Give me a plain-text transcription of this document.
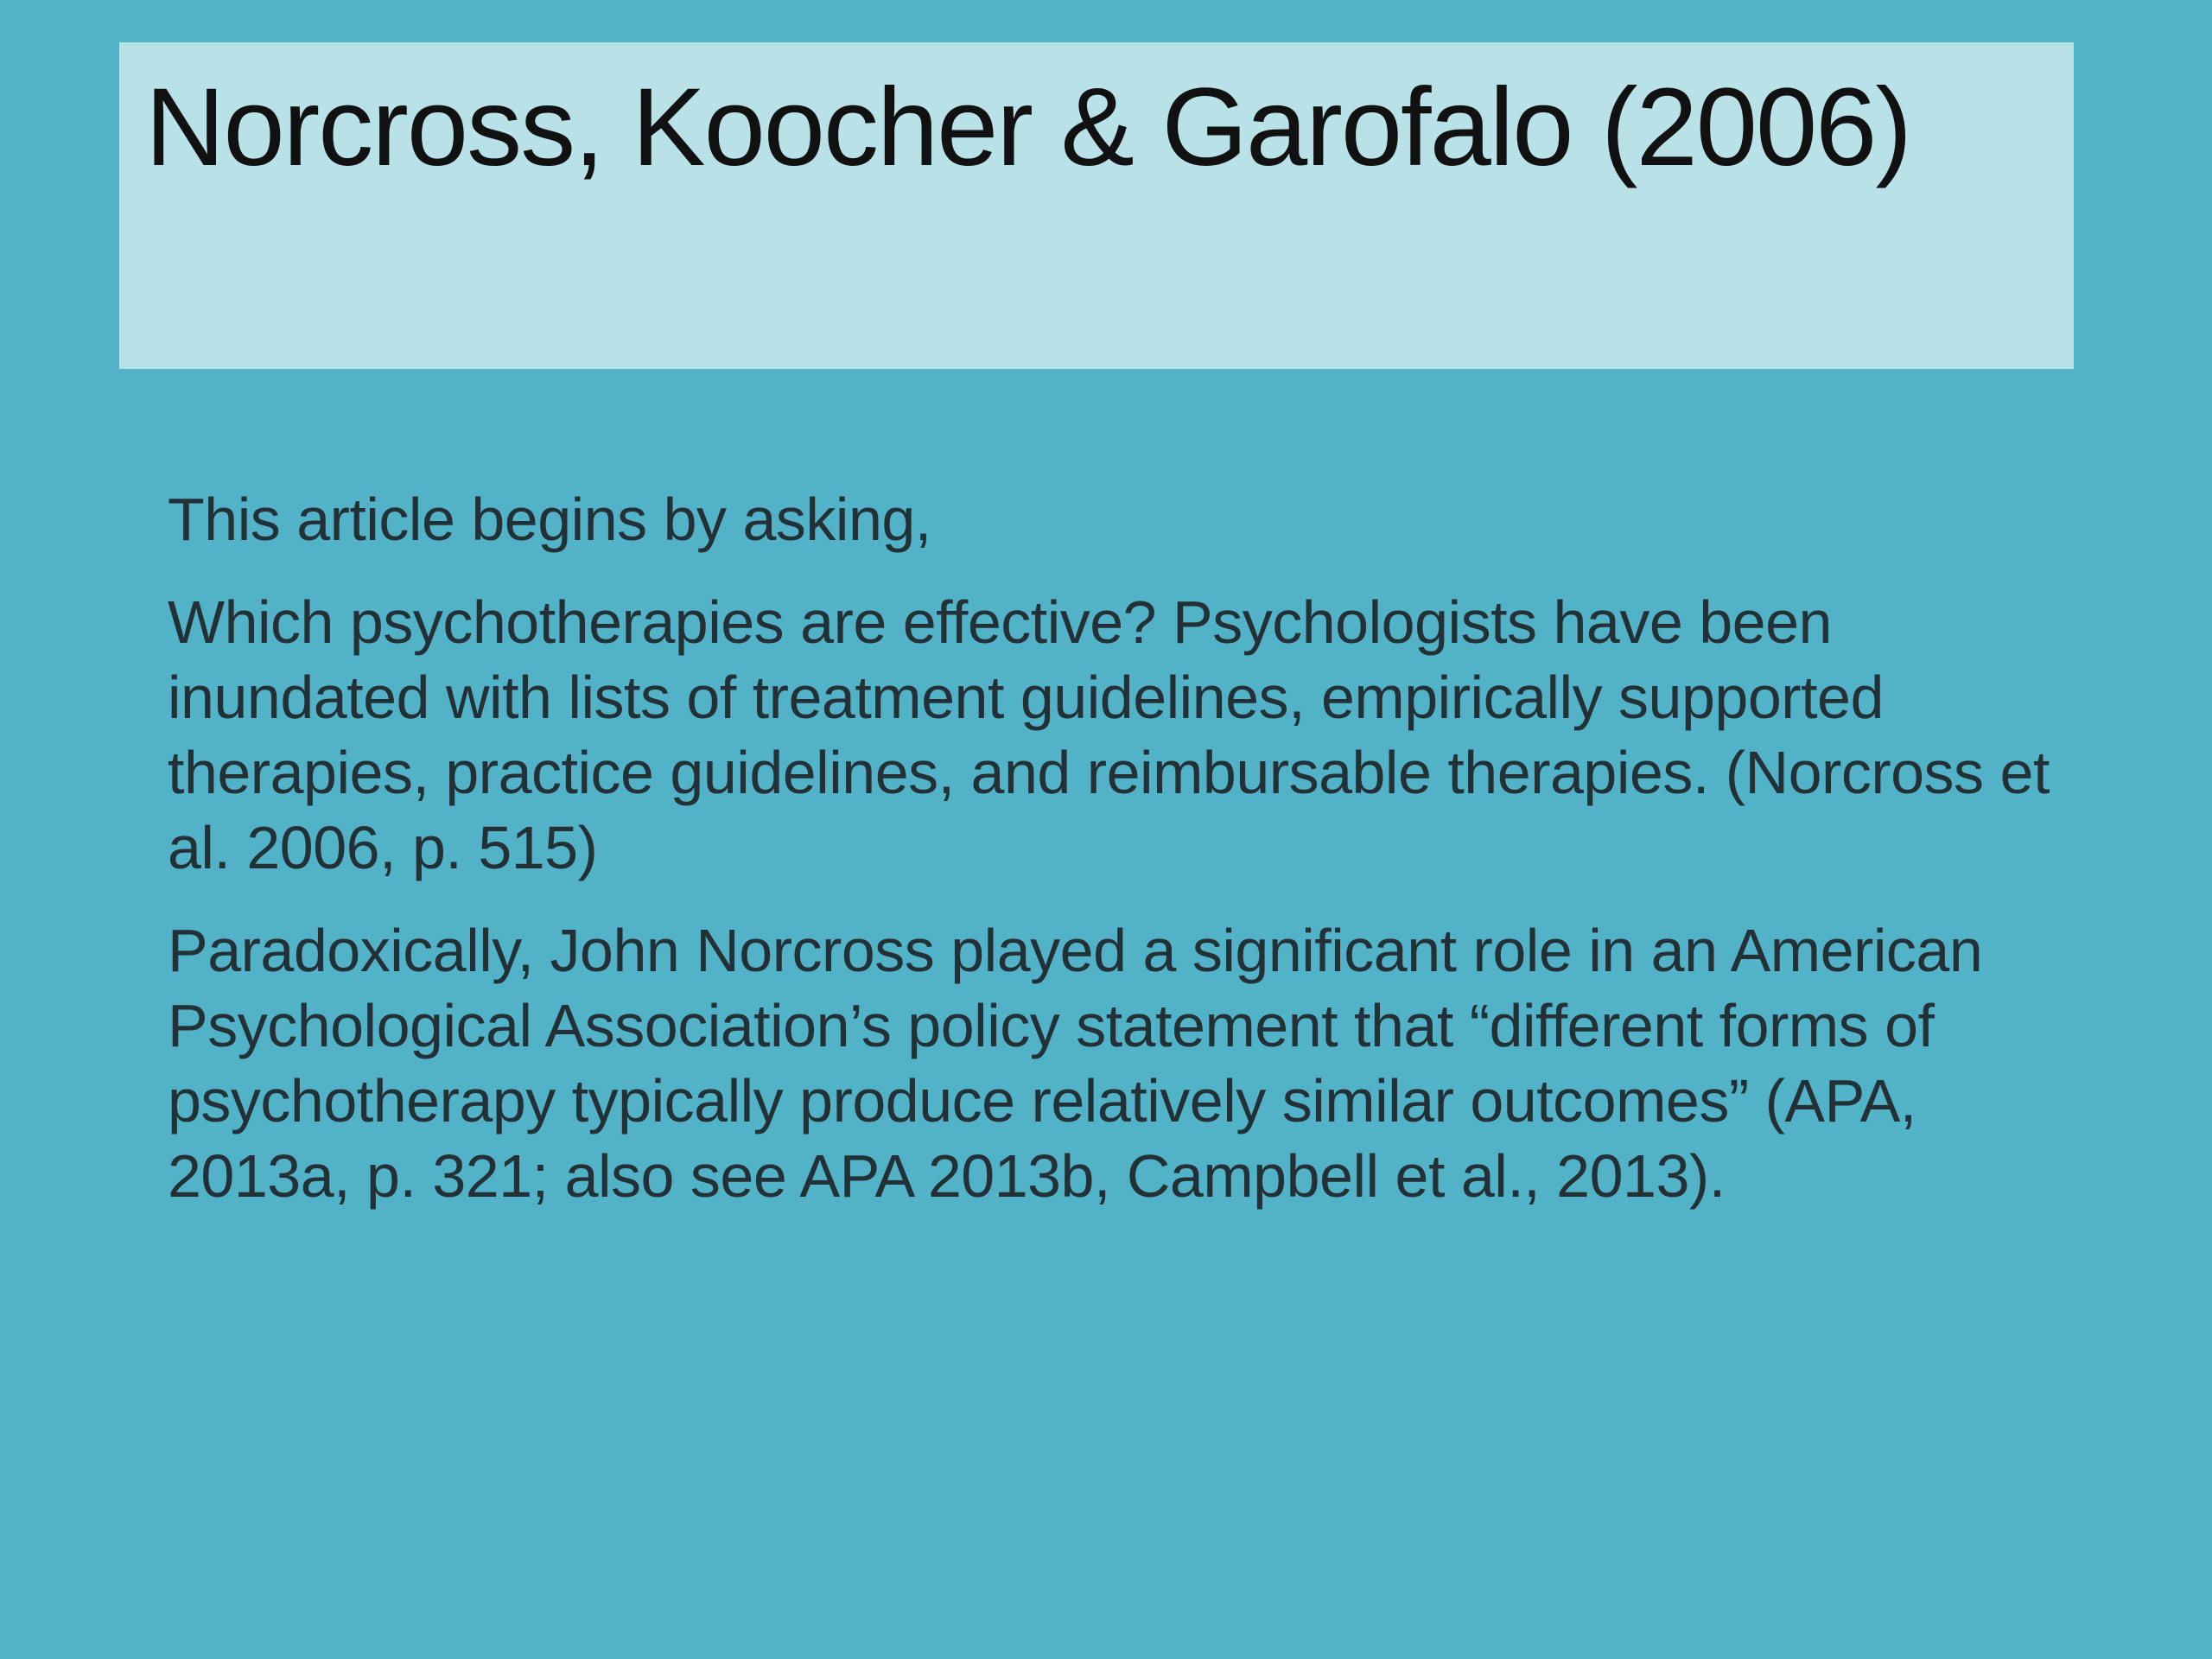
Norcross, Koocher & Garofalo (2006)

This article begins by asking,

Which psychotherapies are effective? Psychologists have been inundated with lists of treatment guidelines, empirically supported therapies, practice guidelines, and reimbursable therapies. (Norcross et al. 2006, p. 515)

Paradoxically, John Norcross played a significant role in an American Psychological Association’s policy statement that “different forms of psychotherapy typically produce relatively similar outcomes” (APA, 2013a, p. 321; also see APA 2013b, Campbell et al., 2013).
